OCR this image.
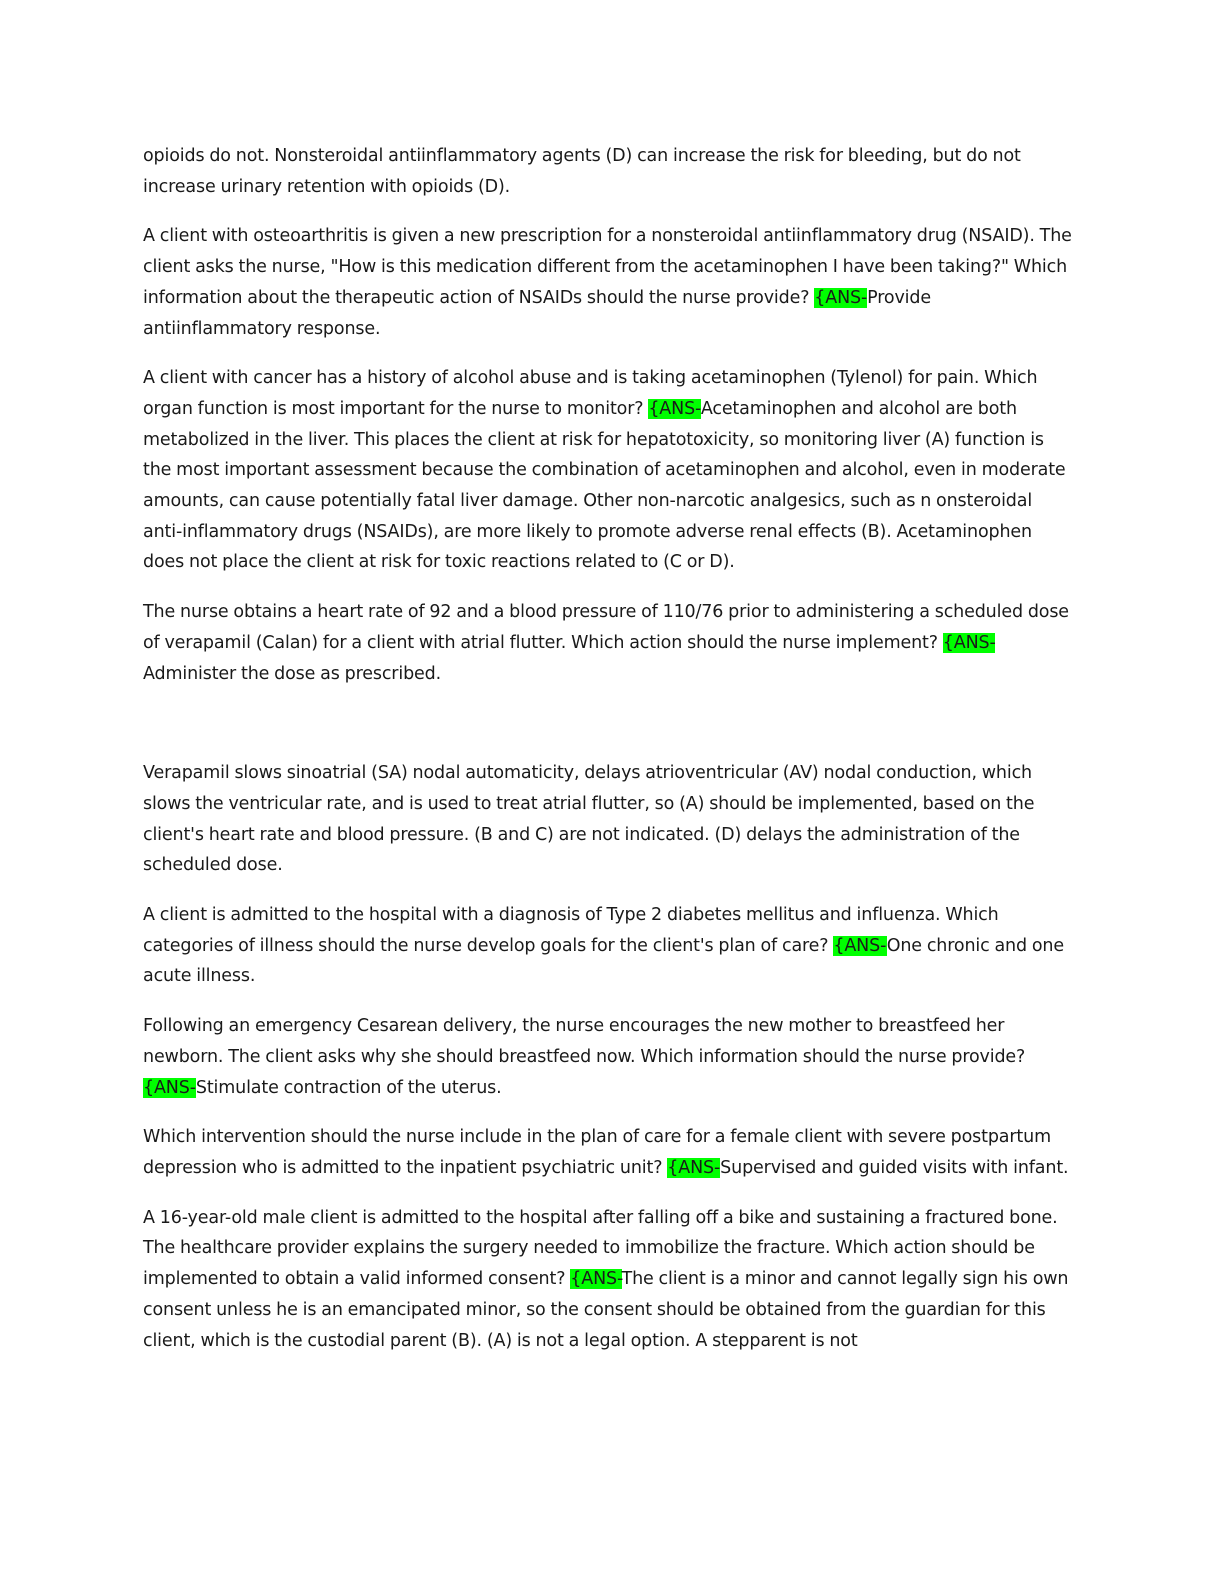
opioids do not. Nonsteroidal antiinflammatory agents (D) can increase the risk for bleeding, but do not increase urinary retention with opioids (D).

A client with osteoarthritis is given a new prescription for a nonsteroidal antiinflammatory drug (NSAID). The client asks the nurse, "How is this medication different from the acetaminophen I have been taking?" Which information about the therapeutic action of NSAIDs should the nurse provide? {ANS-Provide antiinflammatory response.

A client with cancer has a history of alcohol abuse and is taking acetaminophen (Tylenol) for pain. Which organ function is most important for the nurse to monitor? {ANS-Acetaminophen and alcohol are both metabolized in the liver. This places the client at risk for hepatotoxicity, so monitoring liver (A) function is the most important assessment because the combination of acetaminophen and alcohol, even in moderate amounts, can cause potentially fatal liver damage. Other non-narcotic analgesics, such as n onsteroidal anti-inflammatory drugs (NSAIDs), are more likely to promote adverse renal effects (B). Acetaminophen does not place the client at risk for toxic reactions related to (C or D).

The nurse obtains a heart rate of 92 and a blood pressure of 110/76 prior to administering a scheduled dose of verapamil (Calan) for a client with atrial flutter. Which action should the nurse implement? {ANS-Administer the dose as prescribed.

Verapamil slows sinoatrial (SA) nodal automaticity, delays atrioventricular (AV) nodal conduction, which slows the ventricular rate, and is used to treat atrial flutter, so (A) should be implemented, based on the client's heart rate and blood pressure. (B and C) are not indicated. (D) delays the administration of the scheduled dose.

A client is admitted to the hospital with a diagnosis of Type 2 diabetes mellitus and influenza. Which categories of illness should the nurse develop goals for the client's plan of care? {ANS-One chronic and one acute illness.

Following an emergency Cesarean delivery, the nurse encourages the new mother to breastfeed her newborn. The client asks why she should breastfeed now. Which information should the nurse provide? {ANS-Stimulate contraction of the uterus.

Which intervention should the nurse include in the plan of care for a female client with severe postpartum depression who is admitted to the inpatient psychiatric unit? {ANS-Supervised and guided visits with infant.

A 16-year-old male client is admitted to the hospital after falling off a bike and sustaining a fractured bone. The healthcare provider explains the surgery needed to immobilize the fracture. Which action should be implemented to obtain a valid informed consent? {ANS-The client is a minor and cannot legally sign his own consent unless he is an emancipated minor, so the consent should be obtained from the guardian for this client, which is the custodial parent (B). (A) is not a legal option. A stepparent is not
